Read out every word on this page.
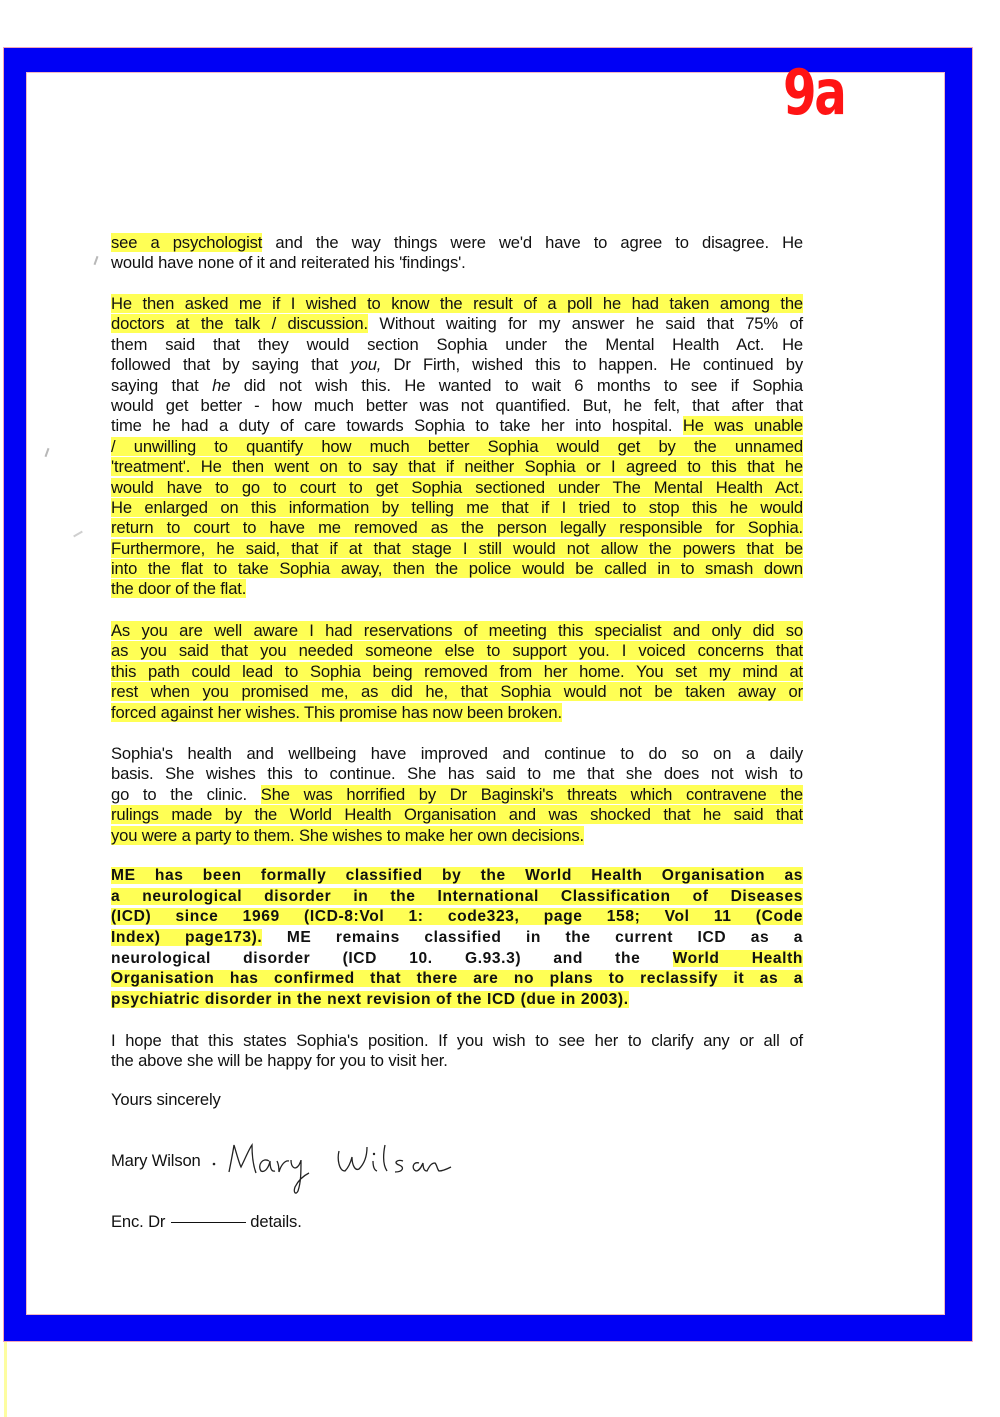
9a
see a psychologist and the way things were we'd have to agree to disagree. He
would have none of it and reiterated his 'findings'.
He then asked me if I wished to know the result of a poll he had taken among the
doctors at the talk / discussion. Without waiting for my answer he said that 75% of
them said that they would section Sophia under the Mental Health Act. He
followed that by saying that you, Dr Firth, wished this to happen. He continued by
saying that he did not wish this. He wanted to wait 6 months to see if Sophia
would get better - how much better was not quantified. But, he felt, that after that
time he had a duty of care towards Sophia to take her into hospital. He was unable
/ unwilling to quantify how much better Sophia would get by the unnamed
'treatment'. He then went on to say that if neither Sophia or I agreed to this that he
would have to go to court to get Sophia sectioned under The Mental Health Act.
He enlarged on this information by telling me that if I tried to stop this he would
return to court to have me removed as the person legally responsible for Sophia.
Furthermore, he said, that if at that stage I still would not allow the powers that be
into the flat to take Sophia away, then the police would be called in to smash down
the door of the flat.
As you are well aware I had reservations of meeting this specialist and only did so
as you said that you needed someone else to support you. I voiced concerns that
this path could lead to Sophia being removed from her home. You set my mind at
rest when you promised me, as did he, that Sophia would not be taken away or
forced against her wishes. This promise has now been broken.
Sophia's health and wellbeing have improved and continue to do so on a daily
basis. She wishes this to continue. She has said to me that she does not wish to
go to the clinic. She was horrified by Dr Baginski's threats which contravene the
rulings made by the World Health Organisation and was shocked that he said that
you were a party to them. She wishes to make her own decisions.
ME has been formally classified by the World Health Organisation as
a neurological disorder in the International Classification of Diseases
(ICD) since 1969 (ICD-8:Vol 1: code323, page 158; Vol 11 (Code
Index) page173). ME remains classified in the current ICD as a
neurological disorder (ICD 10. G.93.3) and the World Health
Organisation has confirmed that there are no plans to reclassify it as a
psychiatric disorder in the next revision of the ICD (due in 2003).
I hope that this states Sophia's position. If you wish to see her to clarify any or all of
the above she will be happy for you to visit her.
Yours sincerely
Mary Wilson
Enc. Dr	details.
